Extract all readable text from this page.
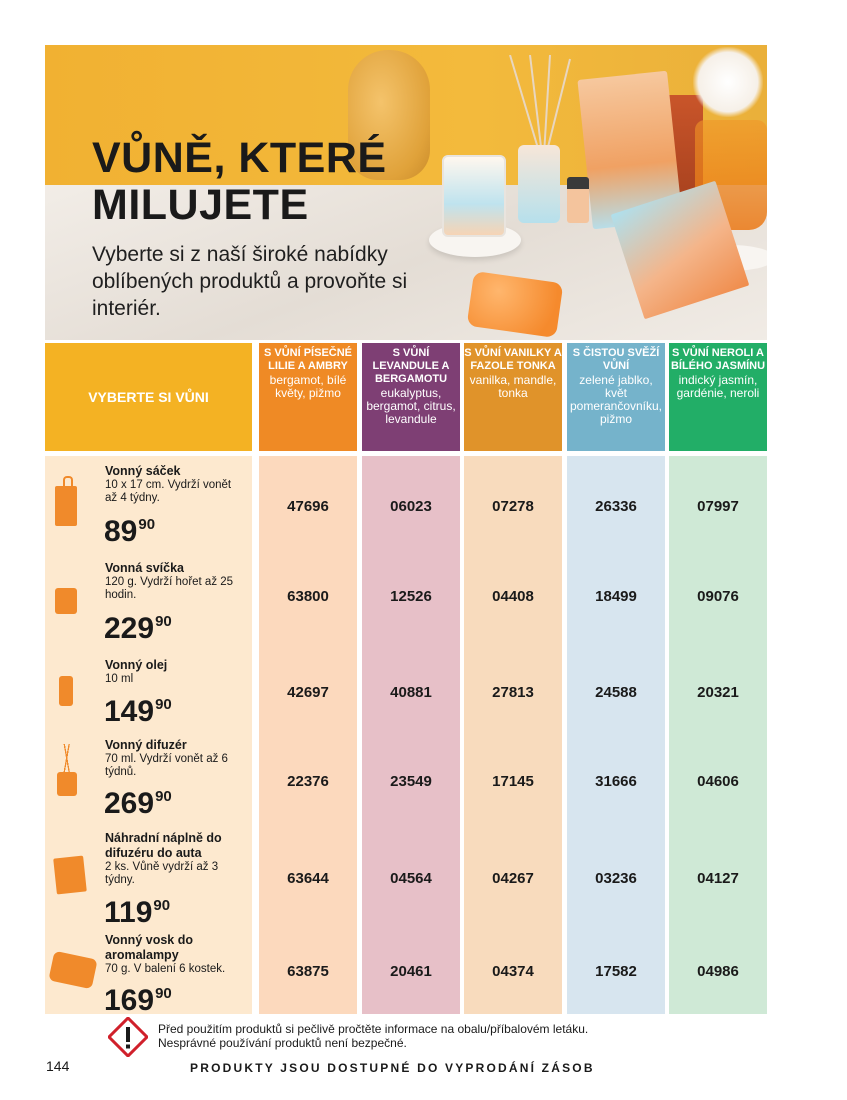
VŮNĚ, KTERÉ
MILUJETE
Vyberte si z naší široké nabídky oblíbených produktů a provoňte si interiér.
VYBERTE SI VŮNI
S VŮNÍ PÍSEČNÉ LILIE A AMBRY
bergamot, bílé květy, pižmo
S VŮNÍ LEVANDULE A BERGAMOTU
eukalyptus, bergamot, citrus, levandule
S VŮNÍ VANILKY A FAZOLE TONKA
vanilka, mandle, tonka
S ČISTOU SVĚŽÍ VŮNÍ
zelené jablko, květ pomerančovníku, pižmo
S VŮNÍ NEROLI A BÍLÉHO JASMÍNU
indický jasmín, gardénie, neroli
Vonný sáček
10 x 17 cm. Vydrží vonět až 4 týdny.
$89^{90}$
47696	06023	07278	26336	07997
Vonná svíčka
120 g. Vydrží hořet až 25 hodin.
$229^{90}$
63800	12526	04408	18499	09076
Vonný olej
10 ml
$149^{90}$
42697	40881	27813	24588	20321
Vonný difuzér
70 ml. Vydrží vonět až 6 týdnů.
$269^{90}$
22376	23549	17145	31666	04606
Náhradní náplně do difuzéru do auta
2 ks. Vůně vydrží až 3 týdny.
$119^{90}$
63644	04564	04267	03236	04127
Vonný vosk do aromalampy
70 g. V balení 6 kostek.
$169^{90}$
63875	20461	04374	17582	04986
Před použitím produktů si pečlivě pročtěte informace na obalu/příbalovém letáku.
Nesprávné používání produktů není bezpečné.
144	PRODUKTY JSOU DOSTUPNÉ DO VYPRODÁNÍ ZÁSOB
